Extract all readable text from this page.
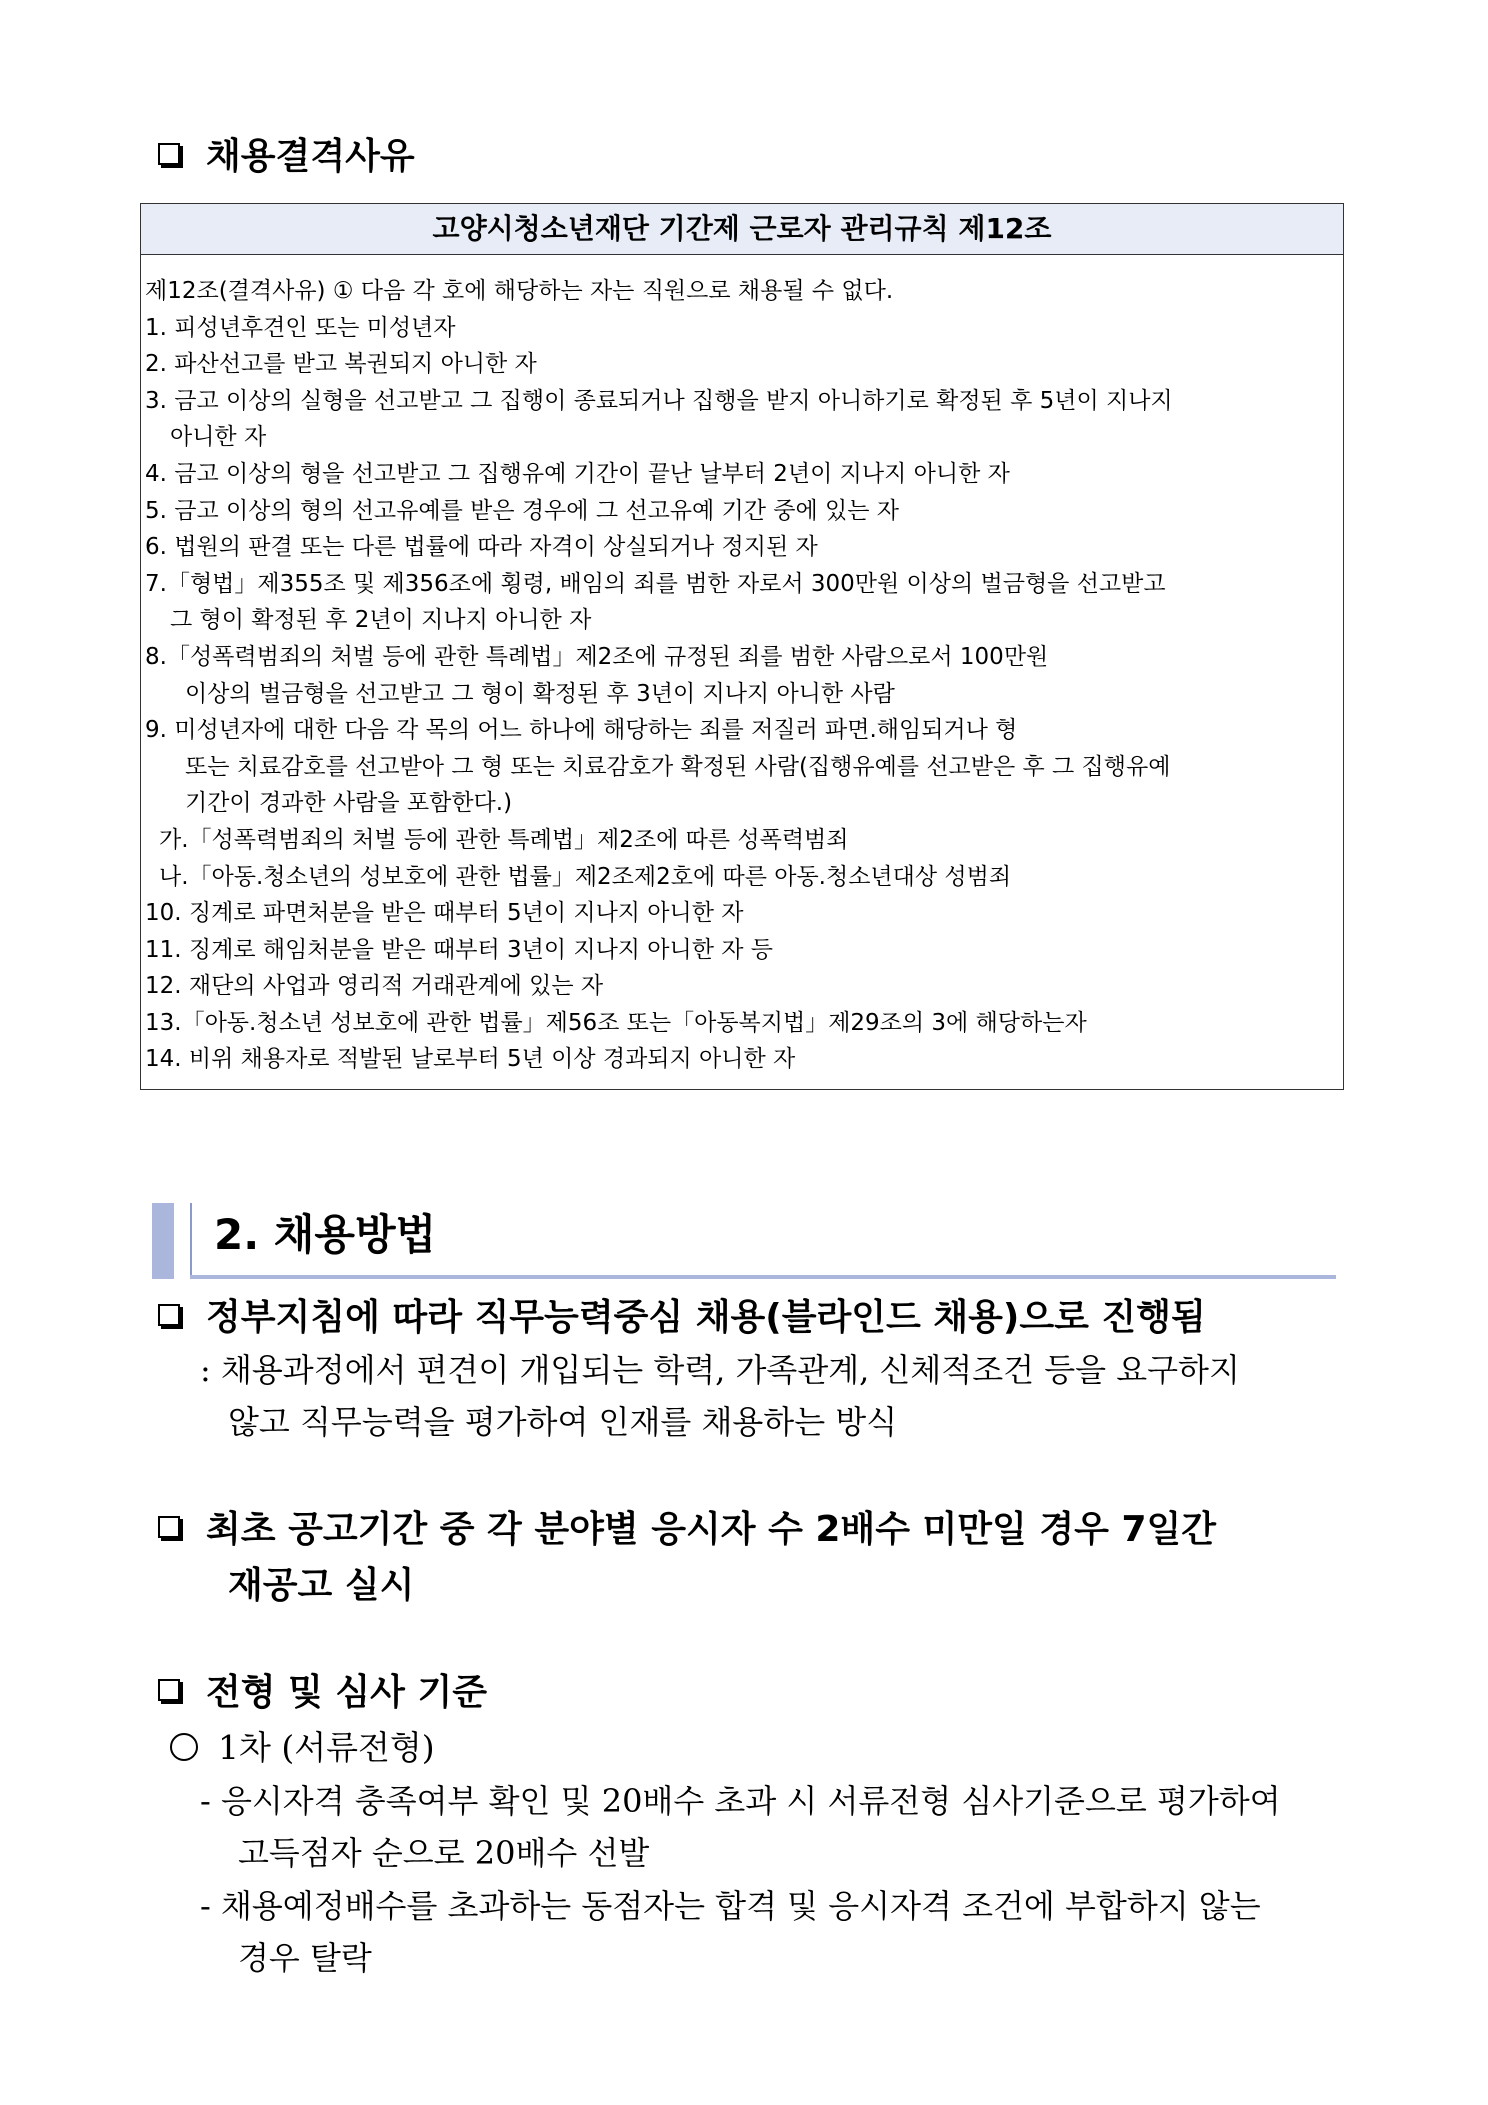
채용결격사유
고양시청소년재단 기간제 근로자 관리규칙 제12조
제12조(결격사유) ① 다음 각 호에 해당하는 자는 직원으로 채용될 수 없다.
1. 피성년후견인 또는 미성년자
2. 파산선고를 받고 복권되지 아니한 자
3. 금고 이상의 실형을 선고받고 그 집행이 종료되거나 집행을 받지 아니하기로 확정된 후 5년이 지나지
아니한 자
4. 금고 이상의 형을 선고받고 그 집행유예 기간이 끝난 날부터 2년이 지나지 아니한 자
5. 금고 이상의 형의 선고유예를 받은 경우에 그 선고유예 기간 중에 있는 자
6. 법원의 판결 또는 다른 법률에 따라 자격이 상실되거나 정지된 자
7.「형법」제355조 및 제356조에 횡령, 배임의 죄를 범한 자로서 300만원 이상의 벌금형을 선고받고
그 형이 확정된 후 2년이 지나지 아니한 자
8.「성폭력범죄의 처벌 등에 관한 특례법」제2조에 규정된 죄를 범한 사람으로서 100만원
이상의 벌금형을 선고받고 그 형이 확정된 후 3년이 지나지 아니한 사람
9. 미성년자에 대한 다음 각 목의 어느 하나에 해당하는 죄를 저질러 파면.해임되거나 형
또는 치료감호를 선고받아 그 형 또는 치료감호가 확정된 사람(집행유예를 선고받은 후 그 집행유예
기간이 경과한 사람을 포함한다.)
가.「성폭력범죄의 처벌 등에 관한 특례법」제2조에 따른 성폭력범죄
나.「아동.청소년의 성보호에 관한 법률」제2조제2호에 따른 아동.청소년대상 성범죄
10. 징계로 파면처분을 받은 때부터 5년이 지나지 아니한 자
11. 징계로 해임처분을 받은 때부터 3년이 지나지 아니한 자 등
12. 재단의 사업과 영리적 거래관계에 있는 자
13.「아동.청소년 성보호에 관한 법률」제56조 또는「아동복지법」제29조의 3에 해당하는자
14. 비위 채용자로 적발된 날로부터 5년 이상 경과되지 아니한 자
2. 채용방법
정부지침에 따라 직무능력중심 채용(블라인드 채용)으로 진행됨
: 채용과정에서 편견이 개입되는 학력, 가족관계, 신체적조건 등을 요구하지
않고 직무능력을 평가하여 인재를 채용하는 방식
최초 공고기간 중 각 분야별 응시자 수 2배수 미만일 경우 7일간
재공고 실시
전형 및 심사 기준
1차 (서류전형)
- 응시자격 충족여부 확인 및 20배수 초과 시 서류전형 심사기준으로 평가하여
고득점자 순으로 20배수 선발
- 채용예정배수를 초과하는 동점자는 합격 및 응시자격 조건에 부합하지 않는
경우 탈락
